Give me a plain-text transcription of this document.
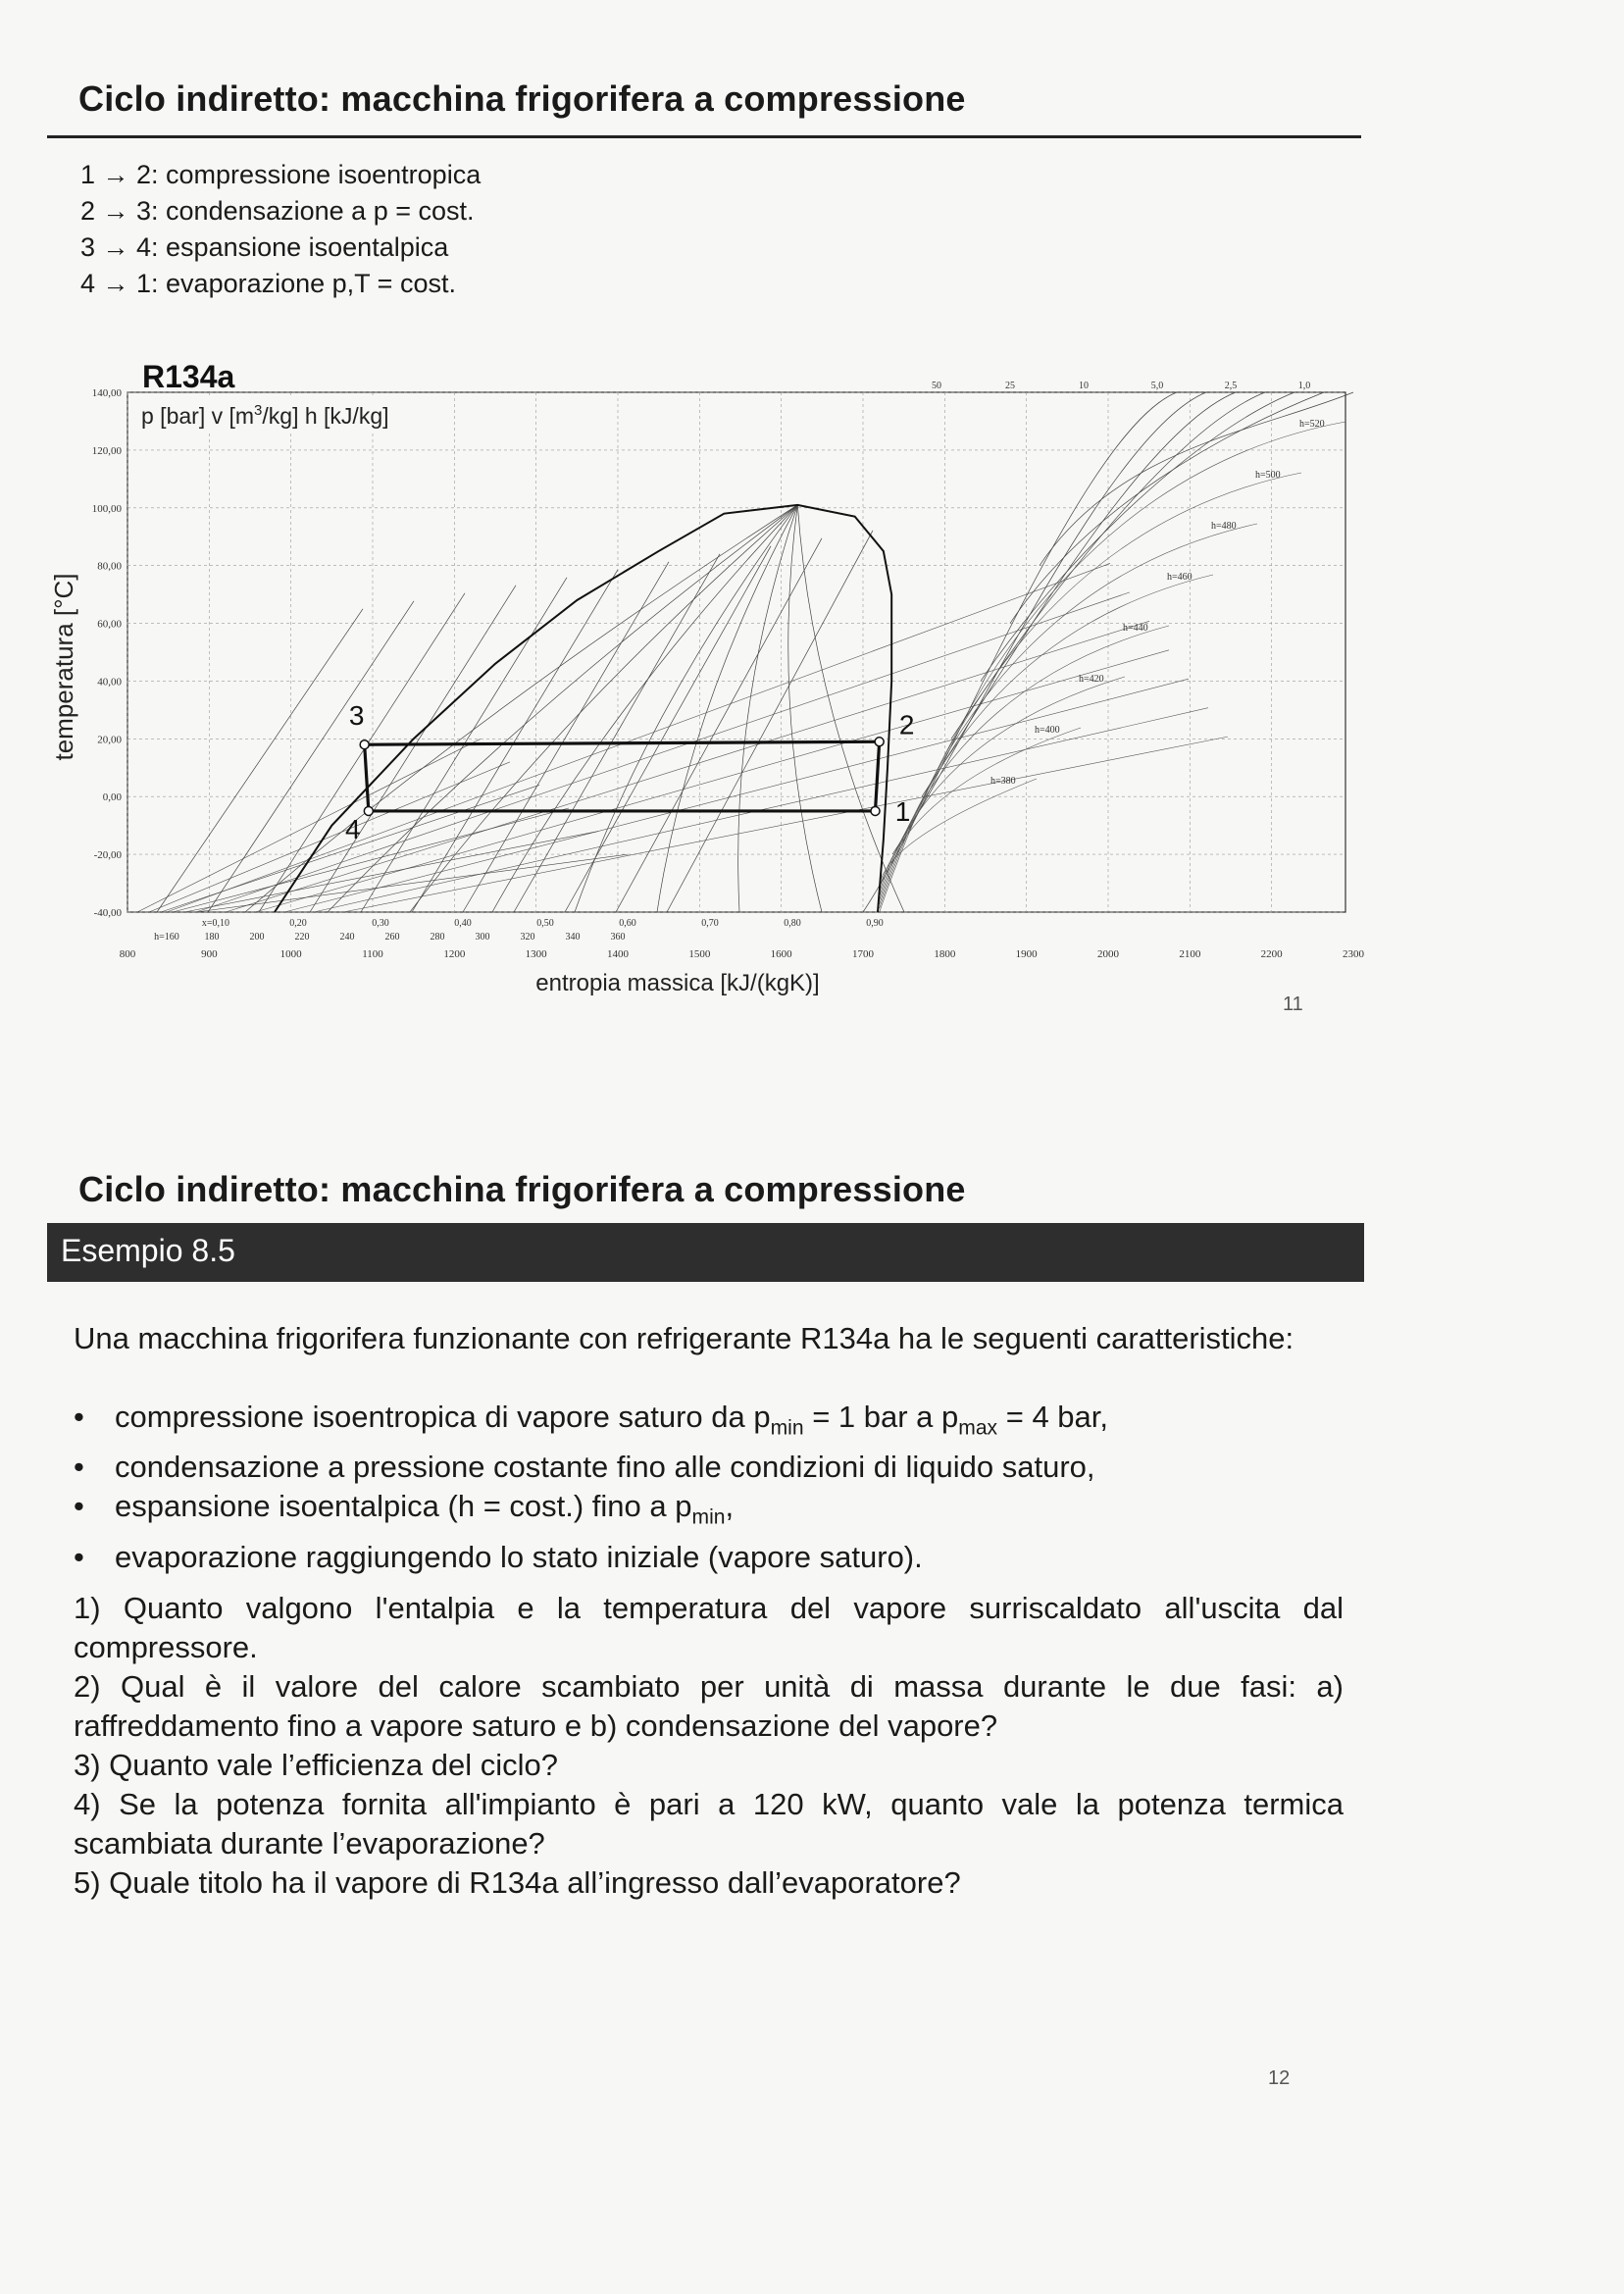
Ciclo indiretto: macchina frigorifera a compressione
1 → 2: compressione isoentropica
2 → 3: condensazione a p = cost.
3 → 4: espansione isoentalpica
4 → 1: evaporazione p,T = cost.
140,00
120,00
100,00
80,00
60,00
40,00
20,00
0,00
-20,00
-40,00
800	900	1000	1100	1200	1300	1400	1500	1600	1700	1800	1900	2000	2100	2200	2300
x=0,10	0,20	0,30	0,40	0,50	0,60	0,70	0,80	0,90
h=160	180	200	220	240	260	280	300	320	340	360
50	25	10	5,0	2,5	1,0
h=520
h=500
h=480
h=460
h=440
h=420
h=400
h=380
1
2
3
4
R134a
p [bar] v $[m^3/kg]$ h [kJ/kg]
entropia massica [kJ/(kgK)]
temperatura [°C]
11
Ciclo indiretto: macchina frigorifera a compressione
Esempio 8.5
Una macchina frigorifera funzionante con refrigerante R134a ha le seguenti caratteristiche:
• compressione isoentropica di vapore saturo da $p_{min} = 1$ bar a $p_{max} = 4$ bar,
• condensazione a pressione costante fino alle condizioni di liquido saturo,
• espansione isoentalpica (h = cost.) fino a $p_{min}$,
• evaporazione raggiungendo lo stato iniziale (vapore saturo).

1) Quanto valgono l'entalpia e la temperatura del vapore surriscaldato all'uscita dal compressore.

2) Qual è il valore del calore scambiato per unità di massa durante le due fasi: a) raffreddamento fino a vapore saturo e b) condensazione del vapore?

3) Quanto vale l’efficienza del ciclo?

4) Se la potenza fornita all'impianto è pari a 120 kW, quanto vale la potenza termica scambiata durante l’evaporazione?

5) Quale titolo ha il vapore di R134a all’ingresso dall’evaporatore?

12
